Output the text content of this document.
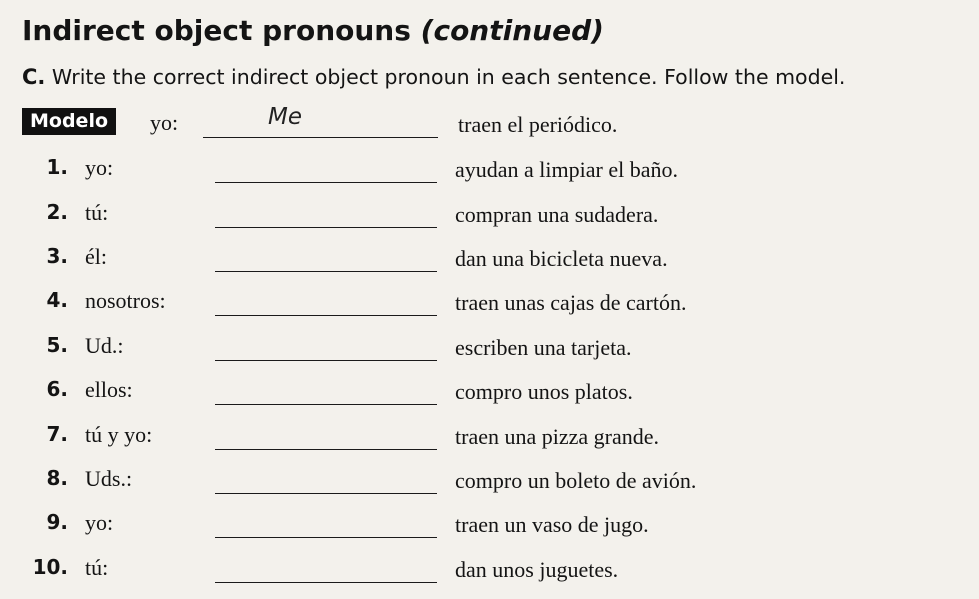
Indirect object pronouns (continued)
C. Write the correct indirect object pronoun in each sentence. Follow the model.
Modelo	yo:	Me	traen el periódico.
1. yo:	ayudan a limpiar el baño.
2. tú:	compran una sudadera.
3. él:	dan una bicicleta nueva.
4. nosotros:	traen unas cajas de cartón.
5. Ud.:	escriben una tarjeta.
6. ellos:	compro unos platos.
7. tú y yo:	traen una pizza grande.
8. Uds.:	compro un boleto de avión.
9. yo:	traen un vaso de jugo.
10. tú:	dan unos juguetes.
